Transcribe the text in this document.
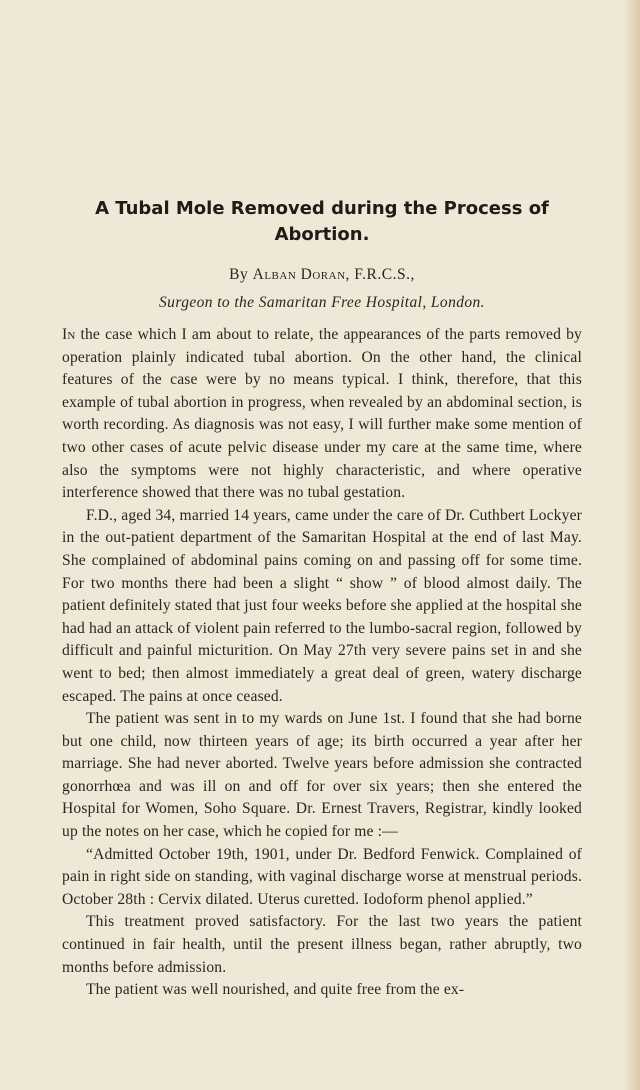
A Tubal Mole Removed during the Process of Abortion.
By Alban Doran, F.R.C.S.,
Surgeon to the Samaritan Free Hospital, London.

In the case which I am about to relate, the appearances of the parts removed by operation plainly indicated tubal abortion. On the other hand, the clinical features of the case were by no means typical. I think, therefore, that this example of tubal abortion in progress, when revealed by an abdominal section, is worth recording. As diagnosis was not easy, I will further make some mention of two other cases of acute pelvic disease under my care at the same time, where also the symptoms were not highly characteristic, and where operative interference showed that there was no tubal gestation.

F.D., aged 34, married 14 years, came under the care of Dr. Cuthbert Lockyer in the out-patient department of the Samaritan Hospital at the end of last May. She complained of abdominal pains coming on and passing off for some time. For two months there had been a slight “ show ” of blood almost daily. The patient definitely stated that just four weeks before she applied at the hospital she had had an attack of violent pain referred to the lumbo-sacral region, followed by difficult and painful micturition. On May 27th very severe pains set in and she went to bed; then almost immediately a great deal of green, watery discharge escaped. The pains at once ceased.

The patient was sent in to my wards on June 1st. I found that she had borne but one child, now thirteen years of age; its birth occurred a year after her marriage. She had never aborted. Twelve years before admission she contracted gonorrhœa and was ill on and off for over six years; then she entered the Hospital for Women, Soho Square. Dr. Ernest Travers, Registrar, kindly looked up the notes on her case, which he copied for me :—

“Admitted October 19th, 1901, under Dr. Bedford Fenwick. Complained of pain in right side on standing, with vaginal discharge worse at menstrual periods. October 28th : Cervix dilated. Uterus curetted. Iodoform phenol applied.”

This treatment proved satisfactory. For the last two years the patient continued in fair health, until the present illness began, rather abruptly, two months before admission.

The patient was well nourished, and quite free from the ex-
